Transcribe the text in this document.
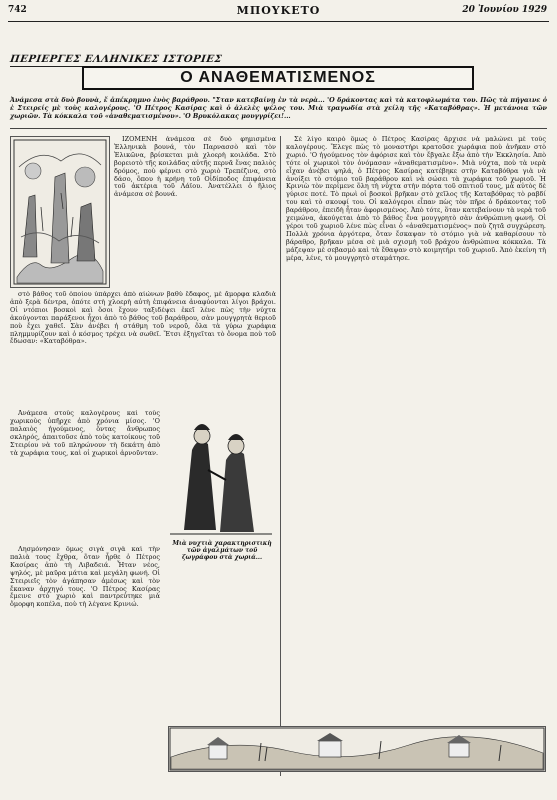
742	ΜΠΟΥΚΕΤΟ	20 Ἰουνίου 1929
ΠΕΡΙΕΡΓΕΣ ΕΛΛΗΝΙΚΕΣ ΙΣΤΟΡΙΕΣ
Ο ΑΝΑΘΕΜΑΤΙΣΜΕΝΟΣ
Ἀνάμεσα στὰ δυὸ βουνὰ, ἕ ἀπέκρημνο ἐνὸς βαράθρου. "Σταν κατεβαίνῃ ἐν τὰ νερὰ... 'Ο δράκοντας καὶ τὰ κατοφλωμάτα του. Πῶς τὰ πήγαινε ὁ ἐ Στειρείς μὲ τοὺς καλογέρους. 'Ο Πέτρος Κασίρας καὶ ὁ ἀλελὲς ψέλος του. Μιὰ τραγωδία στὰ χείλη τῆς «Καταβόθρας». Ἡ μετάνοια τῶν χωριῶν. Τὰ κόκκαλα τοῦ «ἀναθεματισμένου». 'Ο Βρυκόλακας μουγγρίζει!...

ΙΖΟΜΕΝΗ ἀνάμεσα σὲ δυὸ φημισμένα Ἑλληνικὰ βουνά, τὸν Παρνασσὸ καὶ τὸν Ἑλικῶνα, βρίσκεται μιὰ χλοερὴ κοιλάδα. Στὸ βορειοτὸ τῆς κοιλάδας αὐτῆς περνᾶ ἕνας παλιὸς δρόμος, ποὺ φέρνει στὸ χωριὸ Τρεπέζινα, στὸ δάσο, ὅπου ἡ κρήνη τοῦ Οἰδίποδος ἐπιφάνεια τοῦ ἀκτέρια τοῦ Λάϊου. Ἀνατέλλει ὁ ἥλιος ἀνάμεσα σὲ βουνά.

στὸ βάθος τοῦ ὁποίου ὑπάρχει ἀπὸ αἰώνων βαθὺ ἔδαφος, μὲ ἄμορφα κλαδιὰ ἀπὸ ξερὰ δέντρα, ὁπότε στὴ χλοερὴ αὐτὴ ἐπιφάνεια ἀναφύονται λίγοι βράχοι. Οἱ ντόπιοι βοσκοὶ καὶ ὅσοι ἔχουν ταξιδέψει ἐκεῖ λένε πὼς τὴν νύχτα ἀκούγονται παράξενοι ἦχοι ἀπὸ τὸ βάθος τοῦ βαράθρου, σὰν μουγγρητὰ θεριοῦ ποὺ ἔχει χαθεῖ. Σὰν ἀνέβει ἡ στάθμη τοῦ νεροῦ, ὅλα τὰ γύρω χωράφια πλημμυρίζουν καὶ ὁ κόσμος τρέχει νὰ σωθεῖ. Ἔτσι ἐξηγεῖται τὸ ὄνομα ποὺ τοῦ ἔδωσαν: «Καταβόθρα».

Ἀνάμεσα στοὺς καλογέρους καὶ τοὺς χωρικοὺς ὑπῆρχε ἀπὸ χρόνια μίσος. 'Ο παλαιὸς ἡγούμενος, ὄντας ἄνθρωπος σκληρός, ἀπαιτοῦσε ἀπὸ τοὺς κατοίκους τοῦ Στειρίου νὰ τοῦ πληρώνουν τὴ δεκάτη ἀπὸ τὰ χωράφια τους, καὶ οἱ χωρικοὶ ἀρνοῦνταν.

Μιὰ νυχτιὰ χαρακτηριστικὴ τῶν ἀγαλμάτων τοῦ ζωγράφου στὰ χωριά...

Λησμόνησαν ὅμως σιγὰ σιγὰ καὶ τὴν παλιὰ τους ἔχθρα, ὅταν ἦρθε ὁ Πέτρος Κασίρας ἀπὸ τὴ Λιβαδειά. Ἦταν νέος, ψηλός, μὲ μαῦρα μάτια καὶ μεγάλη φωνή. Οἱ Στειριεῖς τὸν ἀγάπησαν ἀμέσως καὶ τὸν ἔκαναν ἀρχηγό τους. 'Ο Πέτρος Κασίρας ἔμεινε στὸ χωριὸ καὶ παντρεύτηκε μιὰ ὄμορφη κοπέλα, ποὺ τὴ λέγανε Κρινιώ.

Σὲ λίγο καιρὸ ὅμως ὁ Πέτρος Κασίρας ἄρχισε νὰ μαλώνει μὲ τοὺς καλογέρους. Ἔλεγε πὼς τὸ μοναστήρι κρατοῦσε χωράφια ποὺ ἀνῆκαν στὸ χωριό. 'Ο ἡγούμενος τὸν ἀφόρισε καὶ τὸν ἔβγαλε ἔξω ἀπὸ τὴν Ἐκκλησία. Ἀπὸ τότε οἱ χωρικοὶ τὸν ὀνόμασαν «ἀναθεματισμένο». Μιὰ νύχτα, ποὺ τὰ νερὰ εἶχαν ἀνέβει ψηλά, ὁ Πέτρος Κασίρας κατέβηκε στὴν Καταβόθρα γιὰ νὰ ἀνοίξει τὸ στόμιο τοῦ βαράθρου καὶ νὰ σώσει τὰ χωράφια τοῦ χωριοῦ. Ἡ Κρινιὼ τὸν περίμενε ὅλη τὴ νύχτα στὴν πόρτα τοῦ σπιτιοῦ τους, μὰ αὐτὸς δὲ γύρισε ποτέ. Τὸ πρωὶ οἱ βοσκοὶ βρῆκαν στὸ χεῖλος τῆς Καταβόθρας τὸ ραβδί του καὶ τὸ σκουφί του. Οἱ καλόγεροι εἶπαν πὼς τὸν πῆρε ὁ δράκοντας τοῦ βαράθρου, ἐπειδὴ ἦταν ἀφορισμένος. Ἀπὸ τότε, ὅταν κατεβαίνουν τὰ νερὰ τοῦ χειμώνα, ἀκούγεται ἀπὸ τὸ βάθος ἕνα μουγγρητὸ σὰν ἀνθρώπινη φωνή. Οἱ γέροι τοῦ χωριοῦ λένε πὼς εἶναι ὁ «ἀναθεματισμένος» ποὺ ζητᾶ συγχώρεση. Πολλὰ χρόνια ἀργότερα, ὅταν ἔσκαψαν τὸ στόμιο γιὰ νὰ καθαρίσουν τὸ βάραθρο, βρῆκαν μέσα σὲ μιὰ σχισμὴ τοῦ βράχου ἀνθρώπινα κόκκαλα. Τὰ μάζεψαν μὲ σεβασμὸ καὶ τὰ ἔθαψαν στὸ κοιμητήρι τοῦ χωριοῦ. Ἀπὸ ἐκείνη τὴ μέρα, λένε, τὸ μουγγρητὸ σταμάτησε.
